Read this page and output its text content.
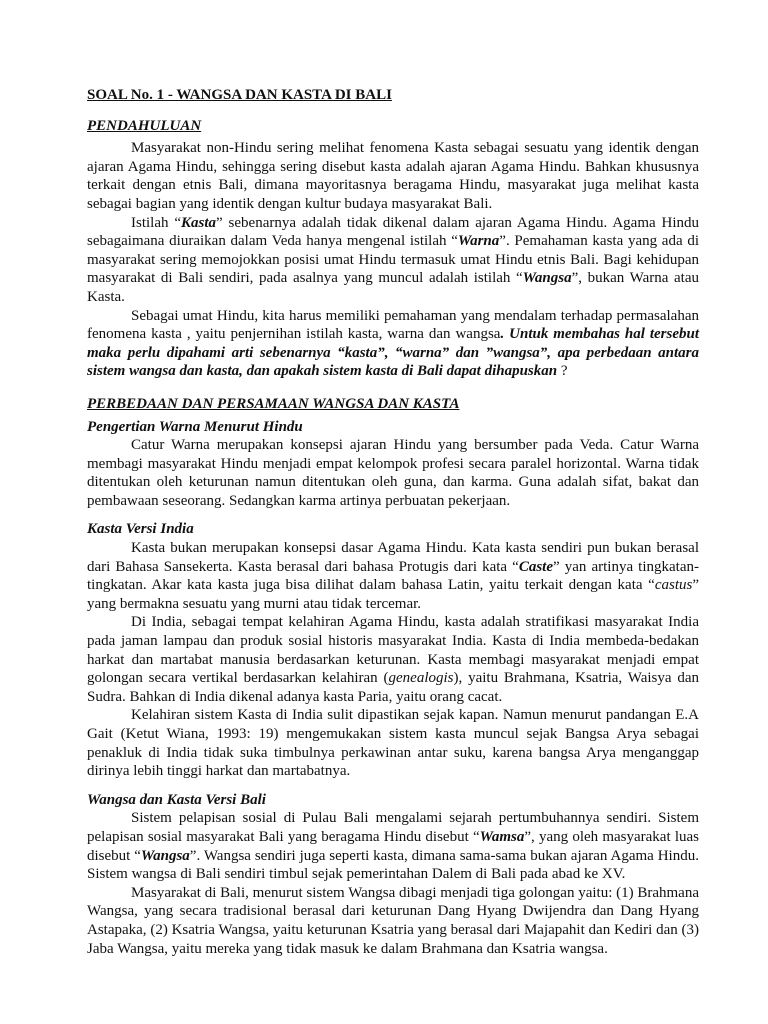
SOAL No. 1 - WANGSA DAN KASTA DI BALI
PENDAHULUAN

Masyarakat non-Hindu sering melihat fenomena Kasta sebagai sesuatu yang identik dengan ajaran Agama Hindu, sehingga sering disebut kasta adalah ajaran Agama Hindu. Bahkan khususnya terkait dengan etnis Bali, dimana mayoritasnya beragama Hindu, masyarakat juga melihat kasta sebagai bagian yang identik dengan kultur budaya masyarakat Bali.

Istilah “Kasta” sebenarnya adalah tidak dikenal dalam ajaran Agama Hindu. Agama Hindu sebagaimana diuraikan dalam Veda hanya mengenal istilah “Warna”. Pemahaman kasta yang ada di masyarakat sering memojokkan posisi umat Hindu termasuk umat Hindu etnis Bali. Bagi kehidupan masyarakat di Bali sendiri, pada asalnya yang muncul adalah istilah “Wangsa”, bukan Warna atau Kasta.

Sebagai umat Hindu, kita harus memiliki pemahaman yang mendalam terhadap permasalahan fenomena kasta , yaitu penjernihan istilah kasta, warna dan wangsa. Untuk membahas hal tersebut maka perlu dipahami arti sebenarnya “kasta”, “warna” dan ”wangsa”, apa perbedaan antara sistem wangsa dan kasta, dan apakah sistem kasta di Bali dapat dihapuskan ?

PERBEDAAN DAN PERSAMAAN WANGSA DAN KASTA
Pengertian Warna Menurut Hindu

Catur Warna merupakan konsepsi ajaran Hindu yang bersumber pada Veda. Catur Warna membagi masyarakat Hindu menjadi empat kelompok profesi secara paralel horizontal. Warna tidak ditentukan oleh keturunan namun ditentukan oleh guna, dan karma. Guna adalah sifat, bakat dan pembawaan seseorang. Sedangkan karma artinya perbuatan pekerjaan.

Kasta Versi India

Kasta bukan merupakan konsepsi dasar Agama Hindu. Kata kasta sendiri pun bukan berasal dari Bahasa Sansekerta. Kasta berasal dari bahasa Protugis dari kata “Caste” yan artinya tingkatan-tingkatan. Akar kata kasta juga bisa dilihat dalam bahasa Latin, yaitu terkait dengan kata “castus” yang bermakna sesuatu yang murni atau tidak tercemar.

Di India, sebagai tempat kelahiran Agama Hindu, kasta adalah stratifikasi masyarakat India pada jaman lampau dan produk sosial historis masyarakat India. Kasta di India membeda-bedakan harkat dan martabat manusia berdasarkan keturunan. Kasta membagi masyarakat menjadi empat golongan secara vertikal berdasarkan kelahiran (genealogis), yaitu Brahmana, Ksatria, Waisya dan Sudra. Bahkan di India dikenal adanya kasta Paria, yaitu orang cacat.

Kelahiran sistem Kasta di India sulit dipastikan sejak kapan. Namun menurut pandangan E.A Gait (Ketut Wiana, 1993: 19) mengemukakan sistem kasta muncul sejak Bangsa Arya sebagai penakluk di India tidak suka timbulnya perkawinan antar suku, karena bangsa Arya menganggap dirinya lebih tinggi harkat dan martabatnya.

Wangsa dan Kasta Versi Bali

Sistem pelapisan sosial di Pulau Bali mengalami sejarah pertumbuhannya sendiri. Sistem pelapisan sosial masyarakat Bali yang beragama Hindu disebut “Wamsa”, yang oleh masyarakat luas disebut “Wangsa”. Wangsa sendiri juga seperti kasta, dimana sama-sama bukan ajaran Agama Hindu. Sistem wangsa di Bali sendiri timbul sejak pemerintahan Dalem di Bali pada abad ke XV.

Masyarakat di Bali, menurut sistem Wangsa dibagi menjadi tiga golongan yaitu: (1) Brahmana Wangsa, yang secara tradisional berasal dari keturunan Dang Hyang Dwijendra dan Dang Hyang Astapaka, (2) Ksatria Wangsa, yaitu keturunan Ksatria yang berasal dari Majapahit dan Kediri dan (3) Jaba Wangsa, yaitu mereka yang tidak masuk ke dalam Brahmana dan Ksatria wangsa.
